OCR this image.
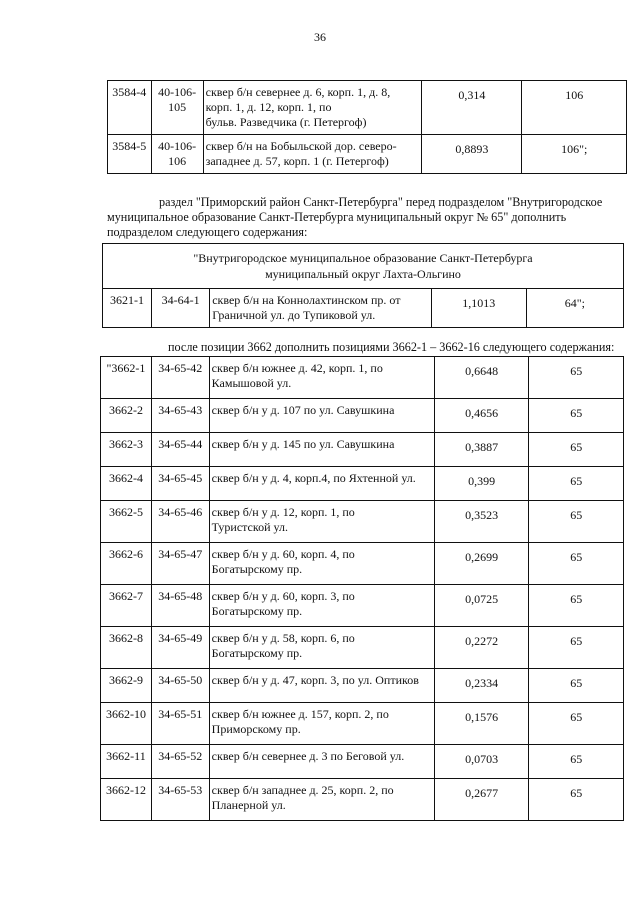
36
3584-4	40-106-105	сквер б/н севернее д. 6, корп. 1, д. 8,
корп. 1, д. 12, корп. 1, по
бульв. Разведчика (г. Петергоф)	0,314	106
3584-5	40-106-106	сквер б/н на Бобыльской дор. северо-
западнее д. 57, корп. 1 (г. Петергоф)	0,8893	106";
раздел "Приморский район Санкт-Петербурга" перед подразделом "Внутригородское
муниципальное образование Санкт-Петербурга муниципальный округ № 65" дополнить
подразделом следующего содержания:
"Внутригородское муниципальное образование Санкт-Петербурга
муниципальный округ Лахта-Ольгино

3621-1	34-64-1	сквер б/н на Коннолахтинском пр. от
Граничной ул. до Тупиковой ул.
	1,1013	64";
после позиции 3662 дополнить позициями 3662-1 – 3662-16 следующего содержания:
"3662-1	34-65-42	сквер б/н южнее д. 42, корп. 1, по
Камышовой ул.	0,6648	65
3662-2	34-65-43	сквер б/н у д. 107 по ул. Савушкина	0,4656	65
3662-3	34-65-44	сквер б/н у д. 145 по ул. Савушкина	0,3887	65
3662-4	34-65-45	сквер б/н у д. 4, корп.4, по Яхтенной ул.	0,399	65
3662-5	34-65-46	сквер б/н у д. 12, корп. 1, по
Туристской ул.	0,3523	65
3662-6	34-65-47	сквер б/н у д. 60, корп. 4, по
Богатырскому пр.	0,2699	65
3662-7	34-65-48	сквер б/н у д. 60, корп. 3, по
Богатырскому пр.	0,0725	65
3662-8	34-65-49	сквер б/н у д. 58, корп. 6, по
Богатырскому пр.	0,2272	65
3662-9	34-65-50	сквер б/н у д. 47, корп. 3, по ул. Оптиков	0,2334	65
3662-10	34-65-51	сквер б/н южнее д. 157, корп. 2, по
Приморскому пр.	0,1576	65
3662-11	34-65-52	сквер б/н севернее д. 3 по Беговой ул.	0,0703	65
3662-12	34-65-53	сквер б/н западнее д. 25, корп. 2, по
Планерной ул.	0,2677	65
